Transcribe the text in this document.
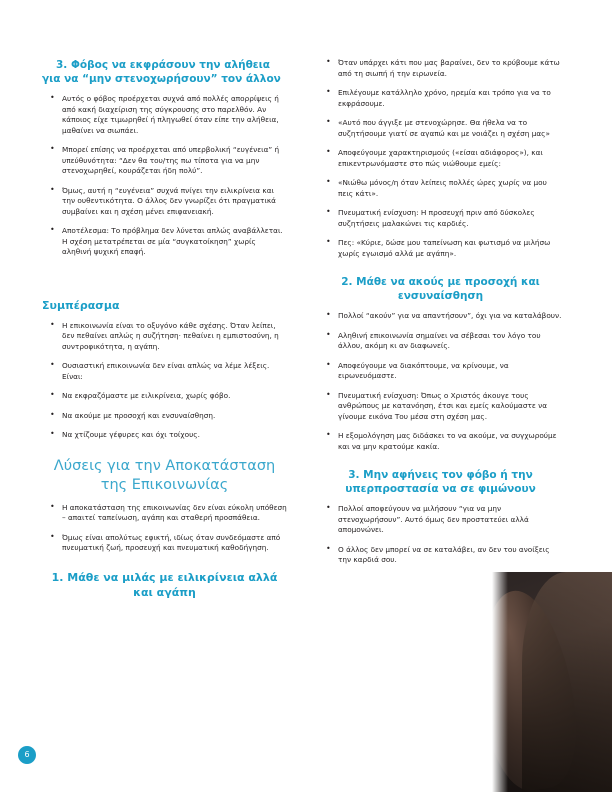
3. Φόβος να εκφράσουν την αλήθεια για να “μην στενοχωρήσουν” τον άλλον
• Αυτός ο φόβος προέρχεται συχνά από πολλές απορρίψεις ή από κακή διαχείριση της σύγκρουσης στο παρελθόν. Αν κάποιος είχε τιμωρηθεί ή πληγωθεί όταν είπε την αλήθεια, μαθαίνει να σιωπάει.
• Μπορεί επίσης να προέρχεται από υπερβολική “ευγένεια” ή υπεύθυνότητα: “Δεν θα του/της πω τίποτα για να μην στενοχωρηθεί, κουράζεται ήδη πολύ”.
• Όμως, αυτή η “ευγένεια” συχνά πνίγει την ειλικρίνεια και την ουθεντικότητα. Ο άλλος δεν γνωρίζει ότι πραγματικά συμβαίνει και η σχέση μένει επιφανειακή.
• Αποτέλεσμα: Το πρόβλημα δεν λύνεται απλώς αναβάλλεται. Η σχέση μετατρέπεται σε μία “συγκατοίκηση” χωρίς αληθινή ψυχική επαφή.
Συμπέρασμα
• Η επικοινωνία είναι το οξυγόνο κάθε σχέσης. Όταν λείπει, δεν πεθαίνει απλώς η συζήτηση· πεθαίνει η εμπιστοσύνη, η συντροφικότητα, η αγάπη.
• Ουσιαστική επικοινωνία δεν είναι απλώς να λέμε λέξεις. Είναι:
• Να εκφραζόμαστε με ειλικρίνεια, χωρίς φόβο.
• Να ακούμε με προσοχή και ενσυναίσθηση.
• Να χτίζουμε γέφυρες και όχι τοίχους.
Λύσεις για την Αποκατάσταση της Επικοινωνίας
• Η αποκατάσταση της επικοινωνίας δεν είναι εύκολη υπόθεση – απαιτεί ταπείνωση, αγάπη και σταθερή προσπάθεια.
• Όμως είναι απολύτως εφικτή, ιδίως όταν συνδεόμαστε από πνευματική ζωή, προσευχή και πνευματική καθοδήγηση.
1. Μάθε να μιλάς με ειλικρίνεια αλλά και αγάπη
• Όταν υπάρχει κάτι που μας βαραίνει, δεν το κρύβουμε κάτω από τη σιωπή ή την ειρωνεία.
• Επιλέγουμε κατάλληλο χρόνο, ηρεμία και τρόπο για να το εκφράσουμε.
• «Αυτό που άγγιξε με στενοχώρησε. Θα ήθελα να το συζητήσουμε γιατί σε αγαπώ και με νοιάζει η σχέση μας»
• Αποφεύγουμε χαρακτηρισμούς («είσαι αδιάφορος»), και επικεντρωνόμαστε στο πώς νιώθουμε εμείς:
• «Νιώθω μόνος/η όταν λείπεις πολλές ώρες χωρίς να μου πεις κάτι».
• Πνευματική ενίσχυση: Η προσευχή πριν από δύσκολες συζητήσεις μαλακώνει τις καρδιές.
• Πες: «Κύριε, δώσε μου ταπείνωση και φωτισμό να μιλήσω χωρίς εγωισμό αλλά με αγάπη».
2. Μάθε να ακούς με προσοχή και ενσυναίσθηση
• Πολλοί “ακούν” για να απαντήσουν”, όχι για να καταλάβουν.
• Αληθινή επικοινωνία σημαίνει να σέβεσαι τον λόγο του άλλου, ακόμη κι αν διαφωνείς.
• Αποφεύγουμε να διακόπτουμε, να κρίνουμε, να ειρωνευόμαστε.
• Πνευματική ενίσχυση: Όπως ο Χριστός άκουγε τους ανθρώπους με κατανόηση, έτσι και εμείς καλούμαστε να γίνουμε εικόνα Του μέσα στη σχέση μας.
• Η εξομολόγηση μας διδάσκει το να ακούμε, να συγχωρούμε και να μην κρατούμε κακία.
3. Μην αφήνεις τον φόβο ή την υπερπροστασία να σε φιμώνουν
• Πολλοί αποφεύγουν να μιλήσουν “για να μην στενοχωρήσουν”. Αυτό όμως δεν προστατεύει αλλά απομονώνει.
• Ο άλλος δεν μπορεί να σε καταλάβει, αν δεν του ανοίξεις την καρδιά σου.
6
